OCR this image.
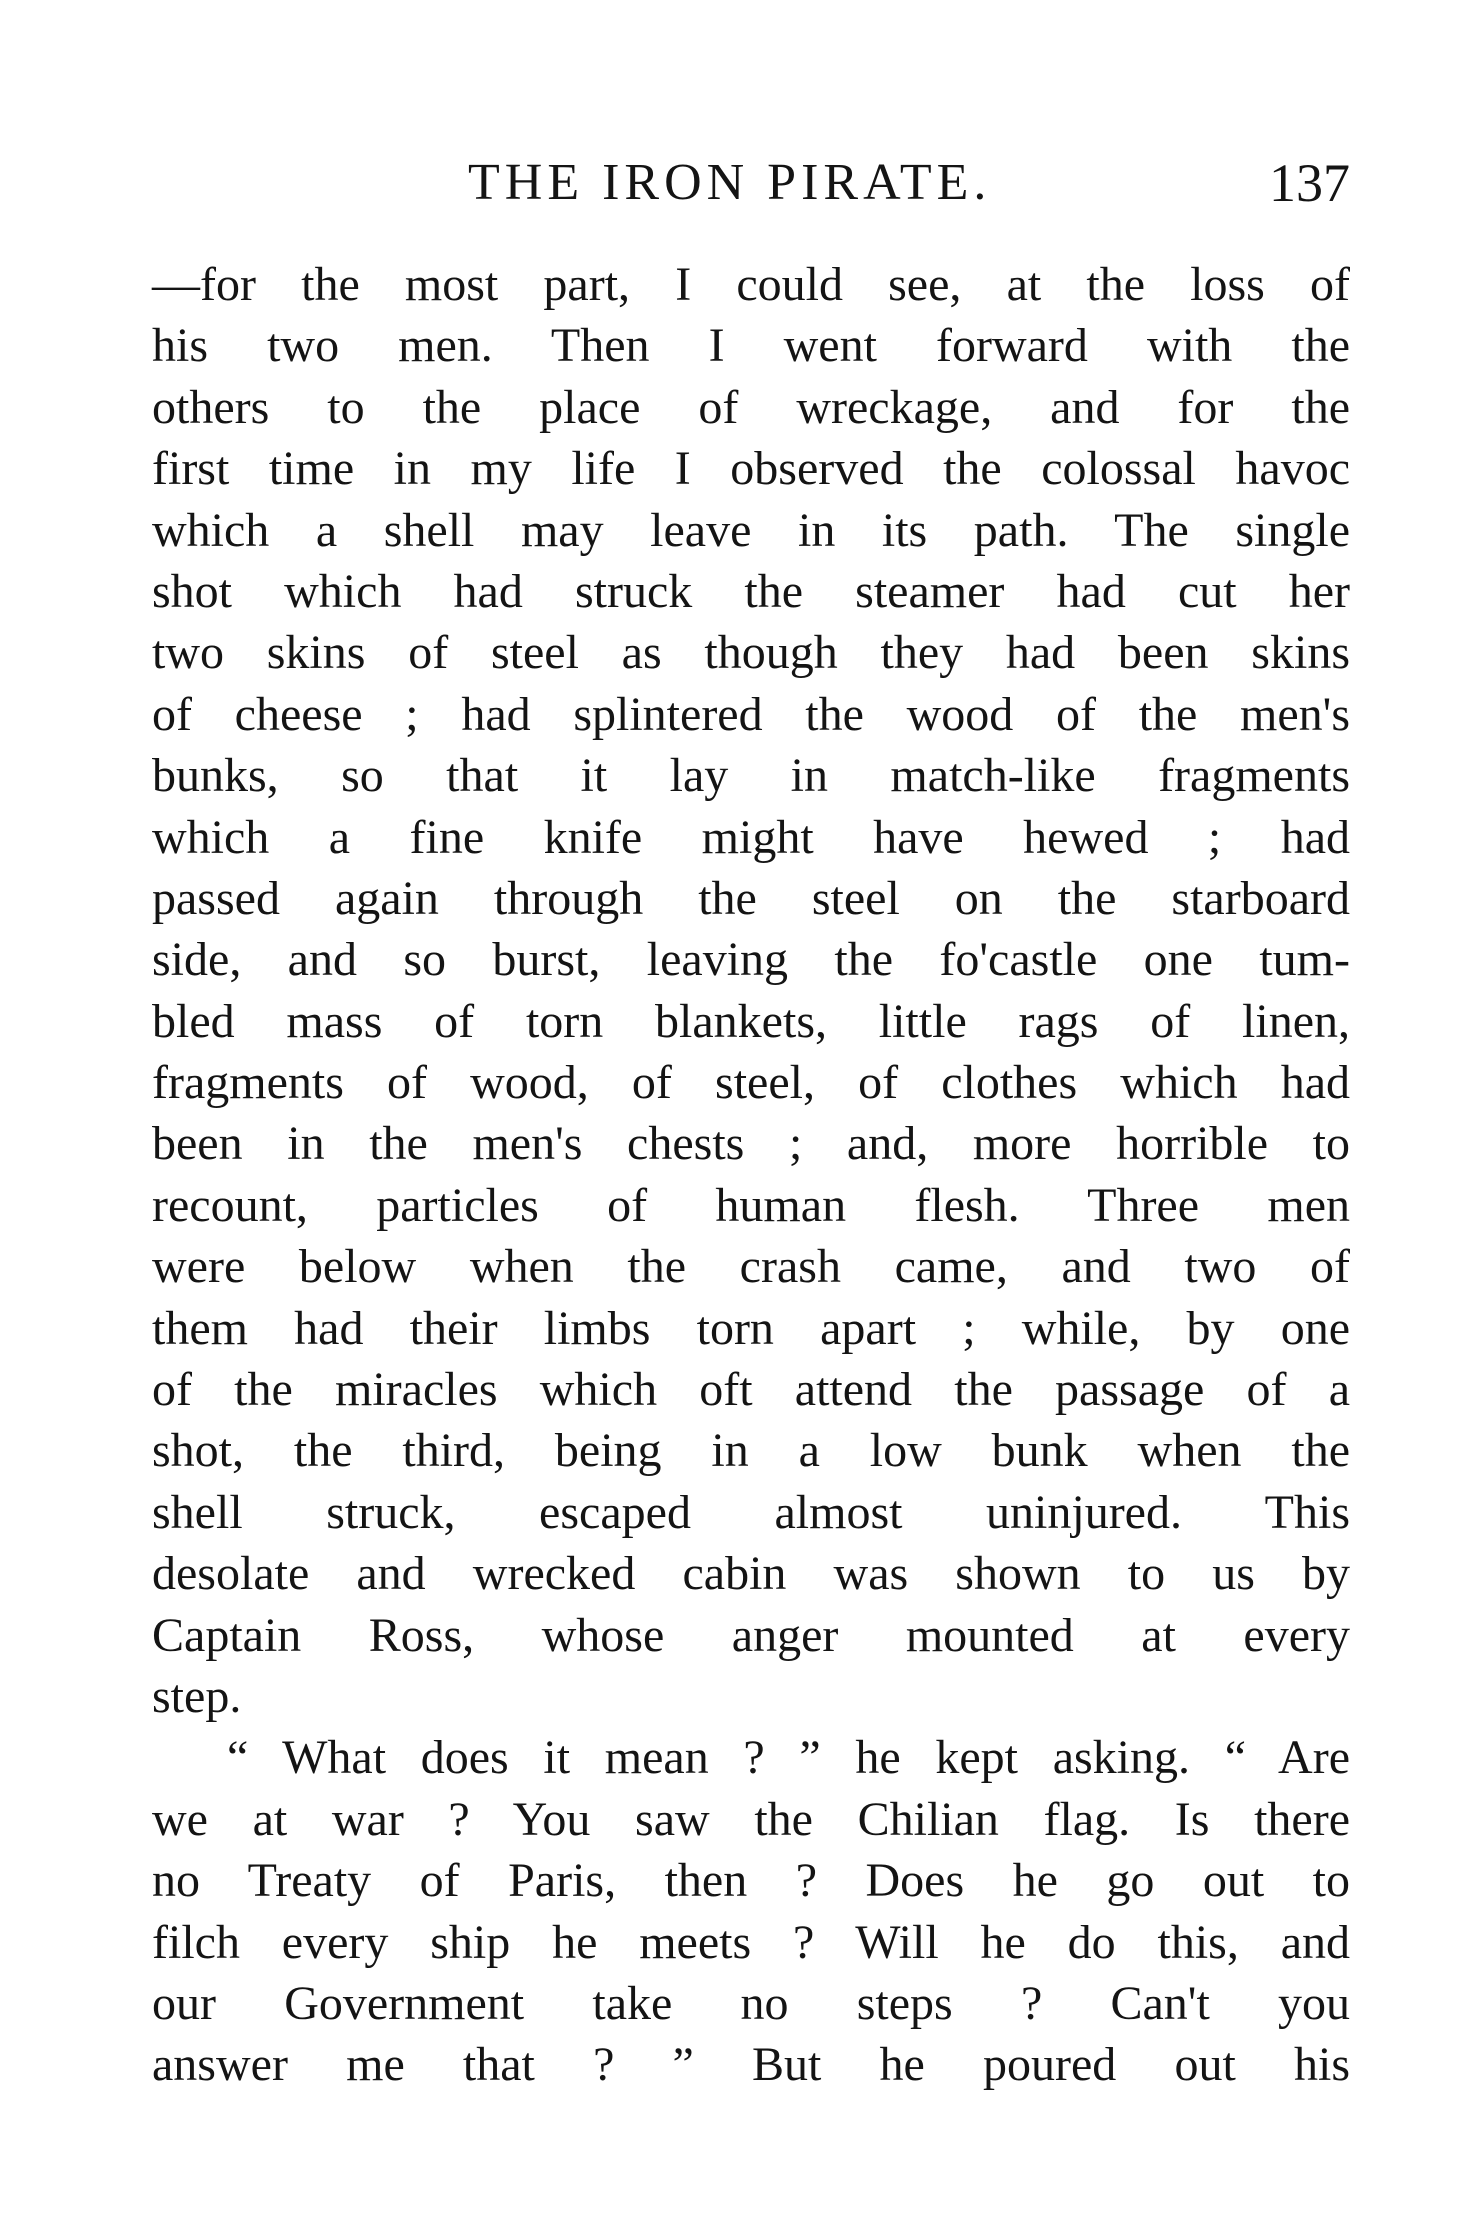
THE IRON PIRATE.	137
—for the most part, I could see, at the loss of
his two men. Then I went forward with the
others to the place of wreckage, and for the
first time in my life I observed the colossal havoc
which a shell may leave in its path. The single
shot which had struck the steamer had cut her
two skins of steel as though they had been skins
of cheese ; had splintered the wood of the men's
bunks, so that it lay in match-like fragments
which a fine knife might have hewed ; had
passed again through the steel on the starboard
side, and so burst, leaving the fo'castle one tum-
bled mass of torn blankets, little rags of linen,
fragments of wood, of steel, of clothes which had
been in the men's chests ; and, more horrible to
recount, particles of human flesh. Three men
were below when the crash came, and two of
them had their limbs torn apart ; while, by one
of the miracles which oft attend the passage of a
shot, the third, being in a low bunk when the
shell struck, escaped almost uninjured. This
desolate and wrecked cabin was shown to us by
Captain Ross, whose anger mounted at every
step.
“ What does it mean ? ” he kept asking. “ Are
we at war ? You saw the Chilian flag. Is there
no Treaty of Paris, then ? Does he go out to
filch every ship he meets ? Will he do this, and
our Government take no steps ? Can't you
answer me that ? ” But he poured out his
